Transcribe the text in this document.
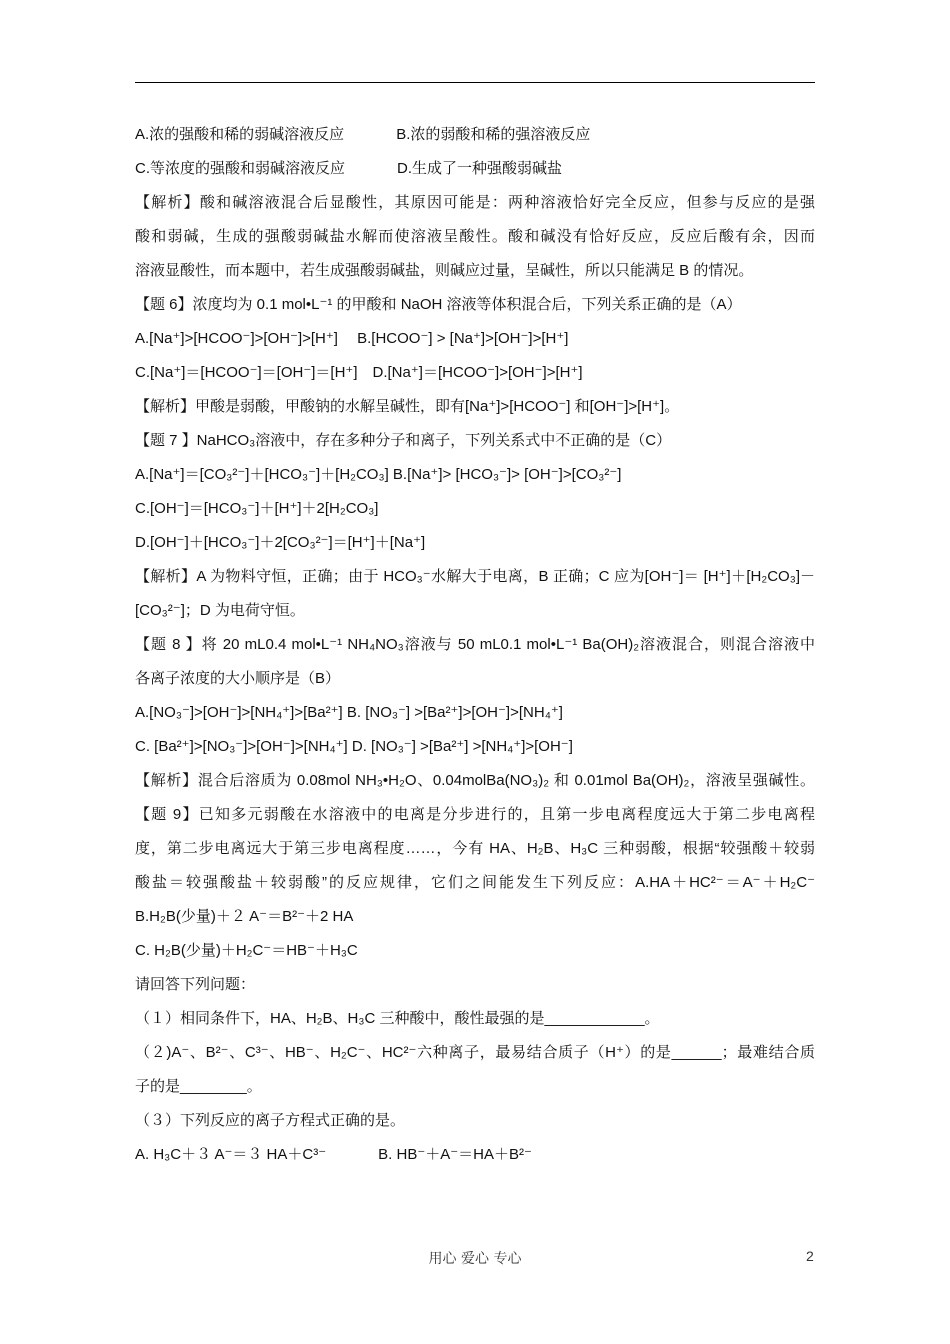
A.浓的强酸和稀的弱碱溶液反应	B.浓的弱酸和稀的强溶液反应
C.等浓度的强酸和弱碱溶液反应	D.生成了一种强酸弱碱盐
【解析】酸和碱溶液混合后显酸性，其原因可能是：两种溶液恰好完全反应，但参与反应的是强
酸和弱碱，生成的强酸弱碱盐水解而使溶液呈酸性。酸和碱没有恰好反应，反应后酸有余，因而
溶液显酸性，而本题中，若生成强酸弱碱盐，则碱应过量，呈碱性，所以只能满足 B 的情况。
【题 6】浓度均为 0.1 mol•L⁻¹ 的甲酸和 NaOH 溶液等体积混合后，下列关系正确的是（A）
A.[Na⁺]>[HCOO⁻]>[OH⁻]>[H⁺]　 B.[HCOO⁻] > [Na⁺]>[OH⁻]>[H⁺]
C.[Na⁺]＝[HCOO⁻]＝[OH⁻]＝[H⁺]　D.[Na⁺]＝[HCOO⁻]>[OH⁻]>[H⁺]
【解析】甲酸是弱酸，甲酸钠的水解呈碱性，即有[Na⁺]>[HCOO⁻] 和[OH⁻]>[H⁺]。
【题 7 】NaHCO₃溶液中，存在多种分子和离子，下列关系式中不正确的是（C）
A.[Na⁺]＝[CO₃²⁻]＋[HCO₃⁻]＋[H₂CO₃] B.[Na⁺]> [HCO₃⁻]> [OH⁻]>[CO₃²⁻]
C.[OH⁻]＝[HCO₃⁻]＋[H⁺]＋2[H₂CO₃]
D.[OH⁻]＋[HCO₃⁻]＋2[CO₃²⁻]＝[H⁺]＋[Na⁺]
【解析】A 为物料守恒，正确；由于 HCO₃⁻水解大于电离，B 正确；C 应为[OH⁻]＝ [H⁺]＋[H₂CO₃]－
[CO₃²⁻]；D 为电荷守恒。
【题 8 】将 20 mL0.4 mol•L⁻¹ NH₄NO₃溶液与 50 mL0.1 mol•L⁻¹ Ba(OH)₂溶液混合，则混合溶液中
各离子浓度的大小顺序是（B）
A.[NO₃⁻]>[OH⁻]>[NH₄⁺]>[Ba²⁺] B. [NO₃⁻] >[Ba²⁺]>[OH⁻]>[NH₄⁺]
C. [Ba²⁺]>[NO₃⁻]>[OH⁻]>[NH₄⁺] D. [NO₃⁻] >[Ba²⁺] >[NH₄⁺]>[OH⁻]
【解析】混合后溶质为 0.08mol NH₃•H₂O、0.04molBa(NO₃)₂ 和 0.01mol Ba(OH)₂，溶液呈强碱性。
【题 9】已知多元弱酸在水溶液中的电离是分步进行的，且第一步电离程度远大于第二步电离程
度，第二步电离远大于第三步电离程度……，今有 HA、H₂B、H₃C 三种弱酸，根据“较强酸＋较弱
酸盐＝较强酸盐＋较弱酸”的反应规律，它们之间能发生下列反应：A.HA＋HC²⁻＝A⁻＋H₂C⁻
B.H₂B(少量)＋２ A⁻＝B²⁻＋2 HA
C. H₂B(少量)＋H₂C⁻＝HB⁻＋H₃C
请回答下列问题：
（１）相同条件下，HA、H₂B、H₃C 三种酸中，酸性最强的是____________。
（２)A⁻、B²⁻、C³⁻、HB⁻、H₂C⁻、HC²⁻六种离子，最易结合质子（H⁺）的是______；最难结合质
子的是________。
（３）下列反应的离子方程式正确的是。
A. H₃C＋３ A⁻＝３ HA＋C³⁻	B. HB⁻＋A⁻＝HA＋B²⁻
用心 爱心 专心	2
